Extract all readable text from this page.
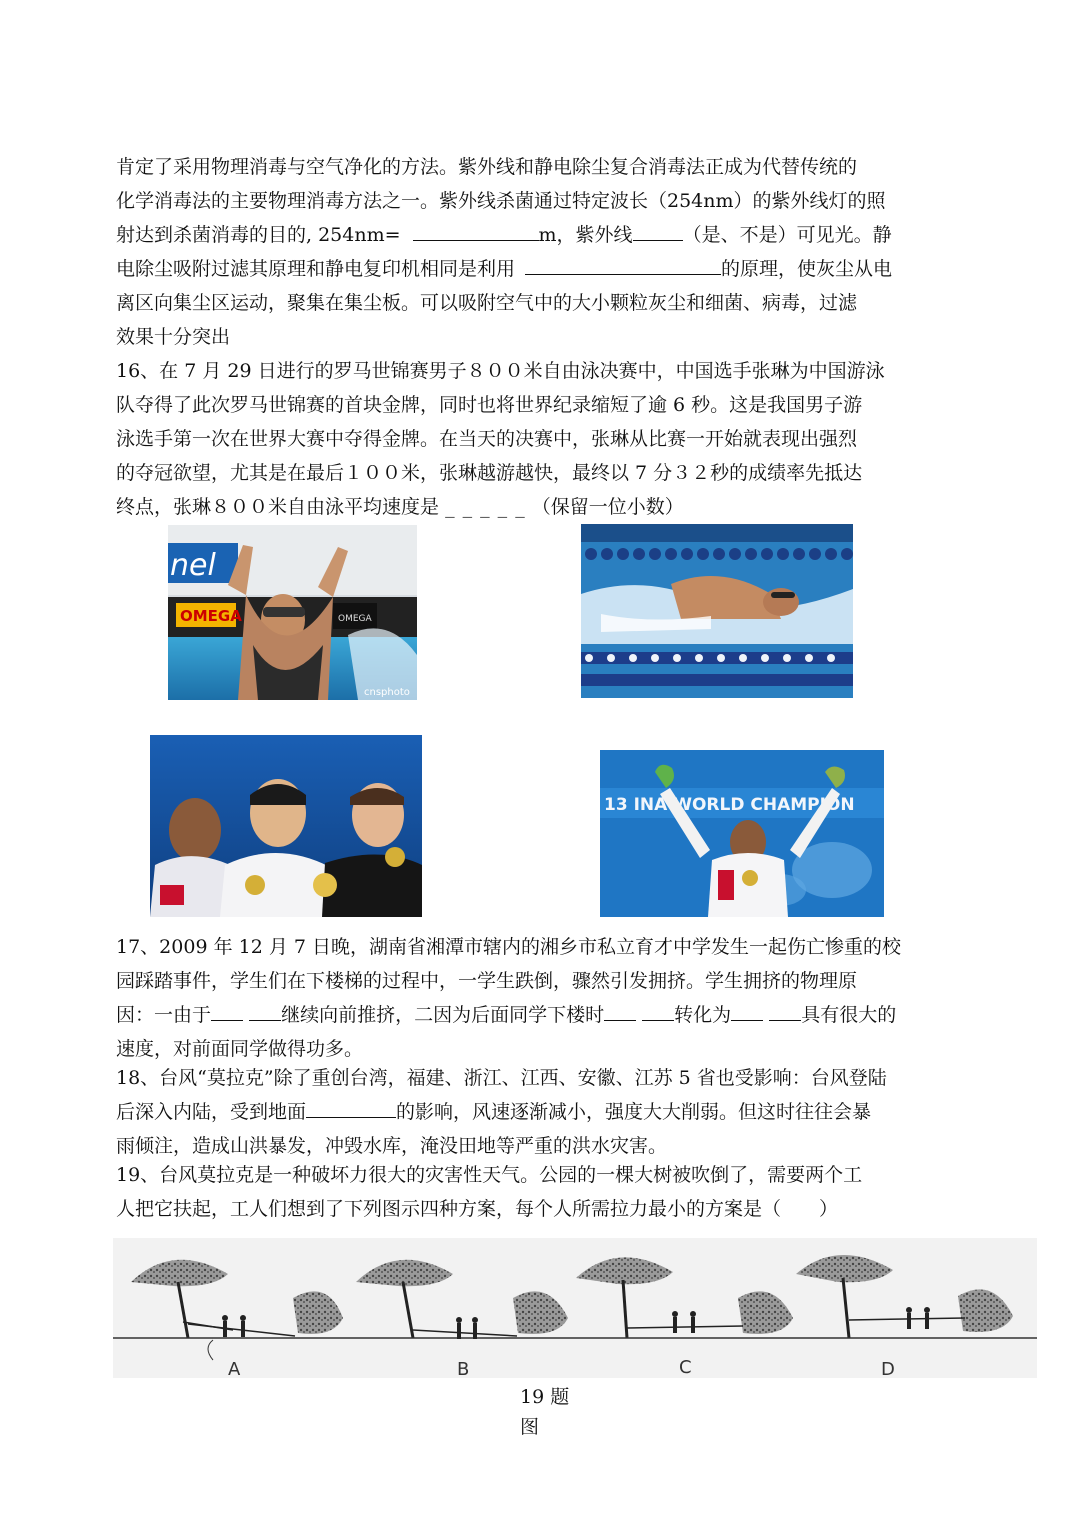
肯定了采用物理消毒与空气净化的方法。紫外线和静电除尘复合消毒法正成为代替传统的
化学消毒法的主要物理消毒方法之一。紫外线杀菌通过特定波长（254nm）的紫外线灯的照
射达到杀菌消毒的目的, 254nm=	m，紫外线	（是、不是）可见光。静
电除尘吸附过滤其原理和静电复印机相同是利用	的原理，使灰尘从电
离区向集尘区运动，聚集在集尘板。可以吸附空气中的大小颗粒灰尘和细菌、病毒，过滤
效果十分突出
16、在 7 月 29 日进行的罗马世锦赛男子８００米自由泳决赛中，中国选手张琳为中国游泳
队夺得了此次罗马世锦赛的首块金牌，同时也将世界纪录缩短了逾 6 秒。这是我国男子游
泳选手第一次在世界大赛中夺得金牌。在当天的决赛中，张琳从比赛一开始就表现出强烈
的夺冠欲望，尤其是在最后１００米，张琳越游越快，最终以 7 分３２秒的成绩率先抵达
终点，张琳８００米自由泳平均速度是 _ _ _ _ _ （保留一位小数）
nel
OMEGA	OMEGA
cnsphoto
13 INA WORLD CHAMPION
17、2009 年 12 月 7 日晚，湖南省湘潭市辖内的湘乡市私立育才中学发生一起伤亡惨重的校
园踩踏事件，学生们在下楼梯的过程中，一学生跌倒，骤然引发拥挤。学生拥挤的物理原
因：一由于	继续向前推挤，二因为后面同学下楼时	转化为	具有很大的
速度，对前面同学做得功多。
18、台风“莫拉克”除了重创台湾，福建、浙江、江西、安徽、江苏 5 省也受影响：台风登陆
后深入内陆，受到地面	的影响，风速逐渐减小，强度大大削弱。但这时往往会暴
雨倾注，造成山洪暴发，冲毁水库，淹没田地等严重的洪水灾害。
19、台风莫拉克是一种破坏力很大的灾害性天气。公园的一棵大树被吹倒了，需要两个工
人把它扶起，工人们想到了下列图示四种方案，每个人所需拉力最小的方案是（　　）
A	B	C	D
19 题
图
